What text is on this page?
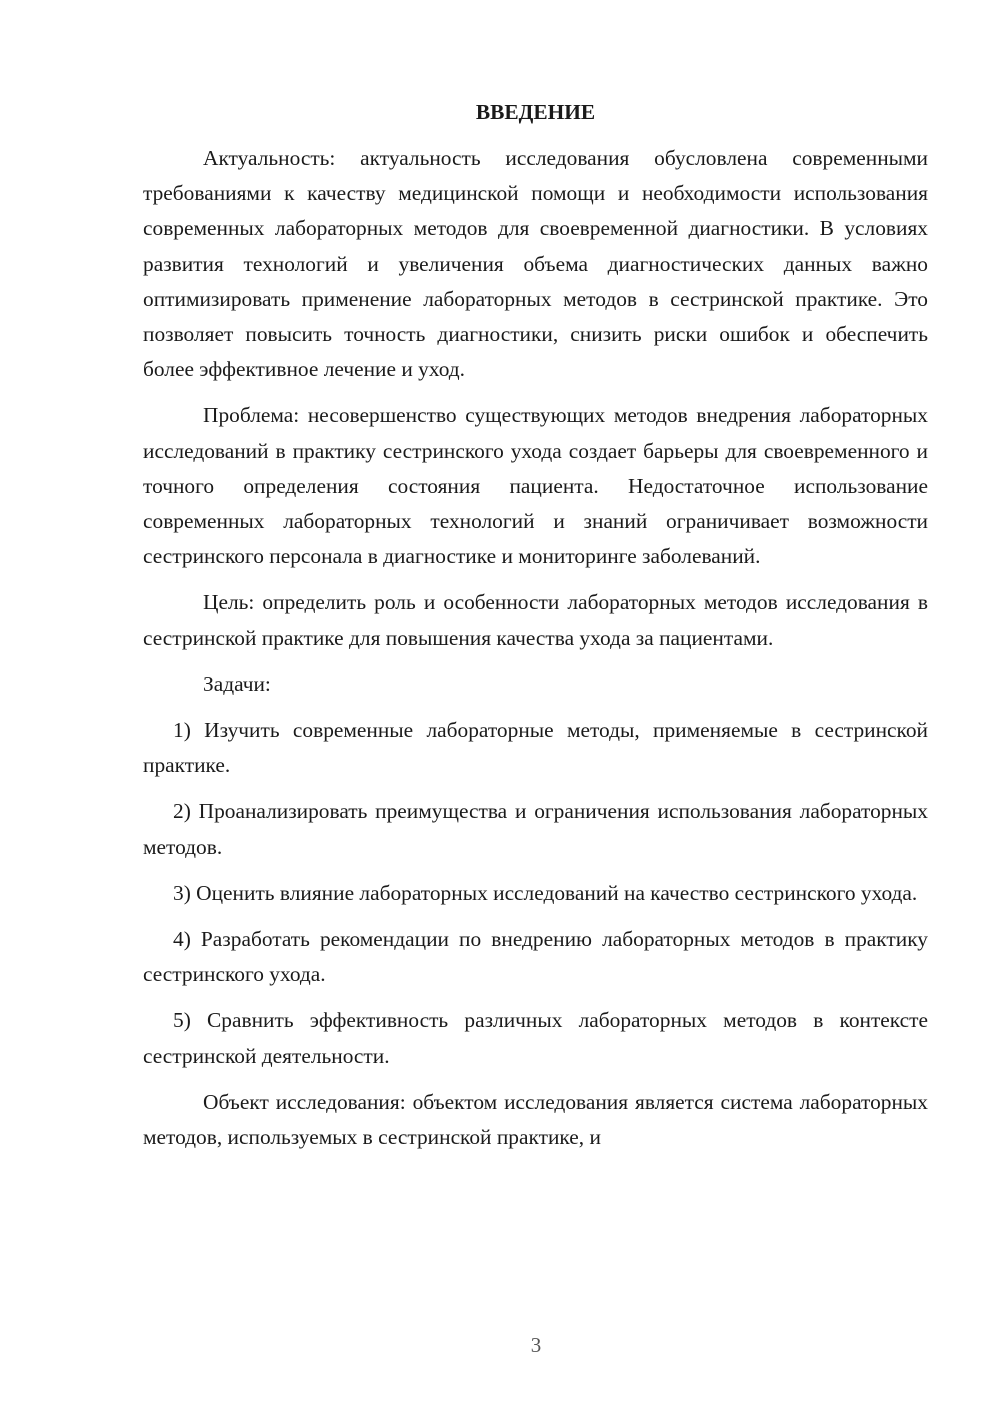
ВВЕДЕНИЕ

Актуальность: актуальность исследования обусловлена современными требованиями к качеству медицинской помощи и необходимости использования современных лабораторных методов для своевременной диагностики. В условиях развития технологий и увеличения объема диагностических данных важно оптимизировать применение лабораторных методов в сестринской практике. Это позволяет повысить точность диагностики, снизить риски ошибок и обеспечить более эффективное лечение и уход.

Проблема: несовершенство существующих методов внедрения лабораторных исследований в практику сестринского ухода создает барьеры для своевременного и точного определения состояния пациента. Недостаточное использование современных лабораторных технологий и знаний ограничивает возможности сестринского персонала в диагностике и мониторинге заболеваний.

Цель: определить роль и особенности лабораторных методов исследования в сестринской практике для повышения качества ухода за пациентами.

Задачи:

1) Изучить современные лабораторные методы, применяемые в сестринской практике.

2) Проанализировать преимущества и ограничения использования лабораторных методов.

3) Оценить влияние лабораторных исследований на качество сестринского ухода.

4) Разработать рекомендации по внедрению лабораторных методов в практику сестринского ухода.

5) Сравнить эффективность различных лабораторных методов в контексте сестринской деятельности.

Объект исследования: объектом исследования является система лабораторных методов, используемых в сестринской практике, и

3
